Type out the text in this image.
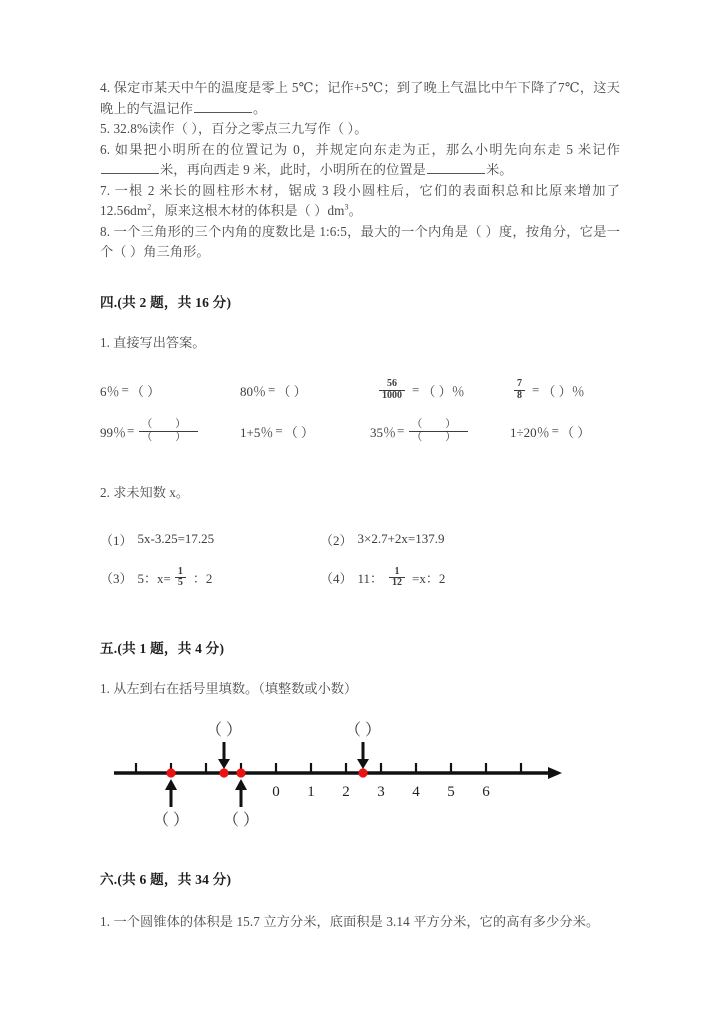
4. 保定市某天中午的温度是零上 5℃；记作+5℃；到了晚上气温比中午下降了7℃，这天晚上的气温记作	。
5. 32.8%读作（ ），百分之零点三九写作（ ）。
6. 如果把小明所在的位置记为 0，并规定向东走为正，那么小明先向东走 5 米记作米，再向西走 9 米，此时，小明所在的位置是	米。
7. 一根 2 米长的圆柱形木材，锯成 3 段小圆柱后，它们的表面积总和比原来增加了 $12.56dm^2$，原来这根木材的体积是（ ）$dm^3$。
8. 一个三角形的三个内角的度数比是 1:6:5，最大的一个内角是（ ）度，按角分，它是一个（ ）角三角形。
四.(共 2 题，共 16 分)
1. 直接写出答案。
6％ = （ ）	80％ = （ ）	$\frac{56}{1000}$ = （ ）％	$\frac{7}{8}$ = （ ）％
99％ = $\frac{( )}{( )}$	1+5％ = （ ）	35％ = $\frac{( )}{( )}$	1÷20％ = （ ）
2. 求未知数 x。
（1） 5x-3.25=17.25	（2） 3×2.7+2x=137.9
（3） 5：$x= \frac{1}{5}$ ：2	（4） 11： $\frac{1}{12} =x$：2
五.(共 1 题，共 4 分)
1. 从左到右在括号里填数。（填整数或小数）
0 1 2 3 4 5 6
（ ）	（ ）
（ ） （ ）
六.(共 6 题，共 34 分)
1. 一个圆锥体的体积是 15.7 立方分米，底面积是 3.14 平方分米，它的高有多少分米。
